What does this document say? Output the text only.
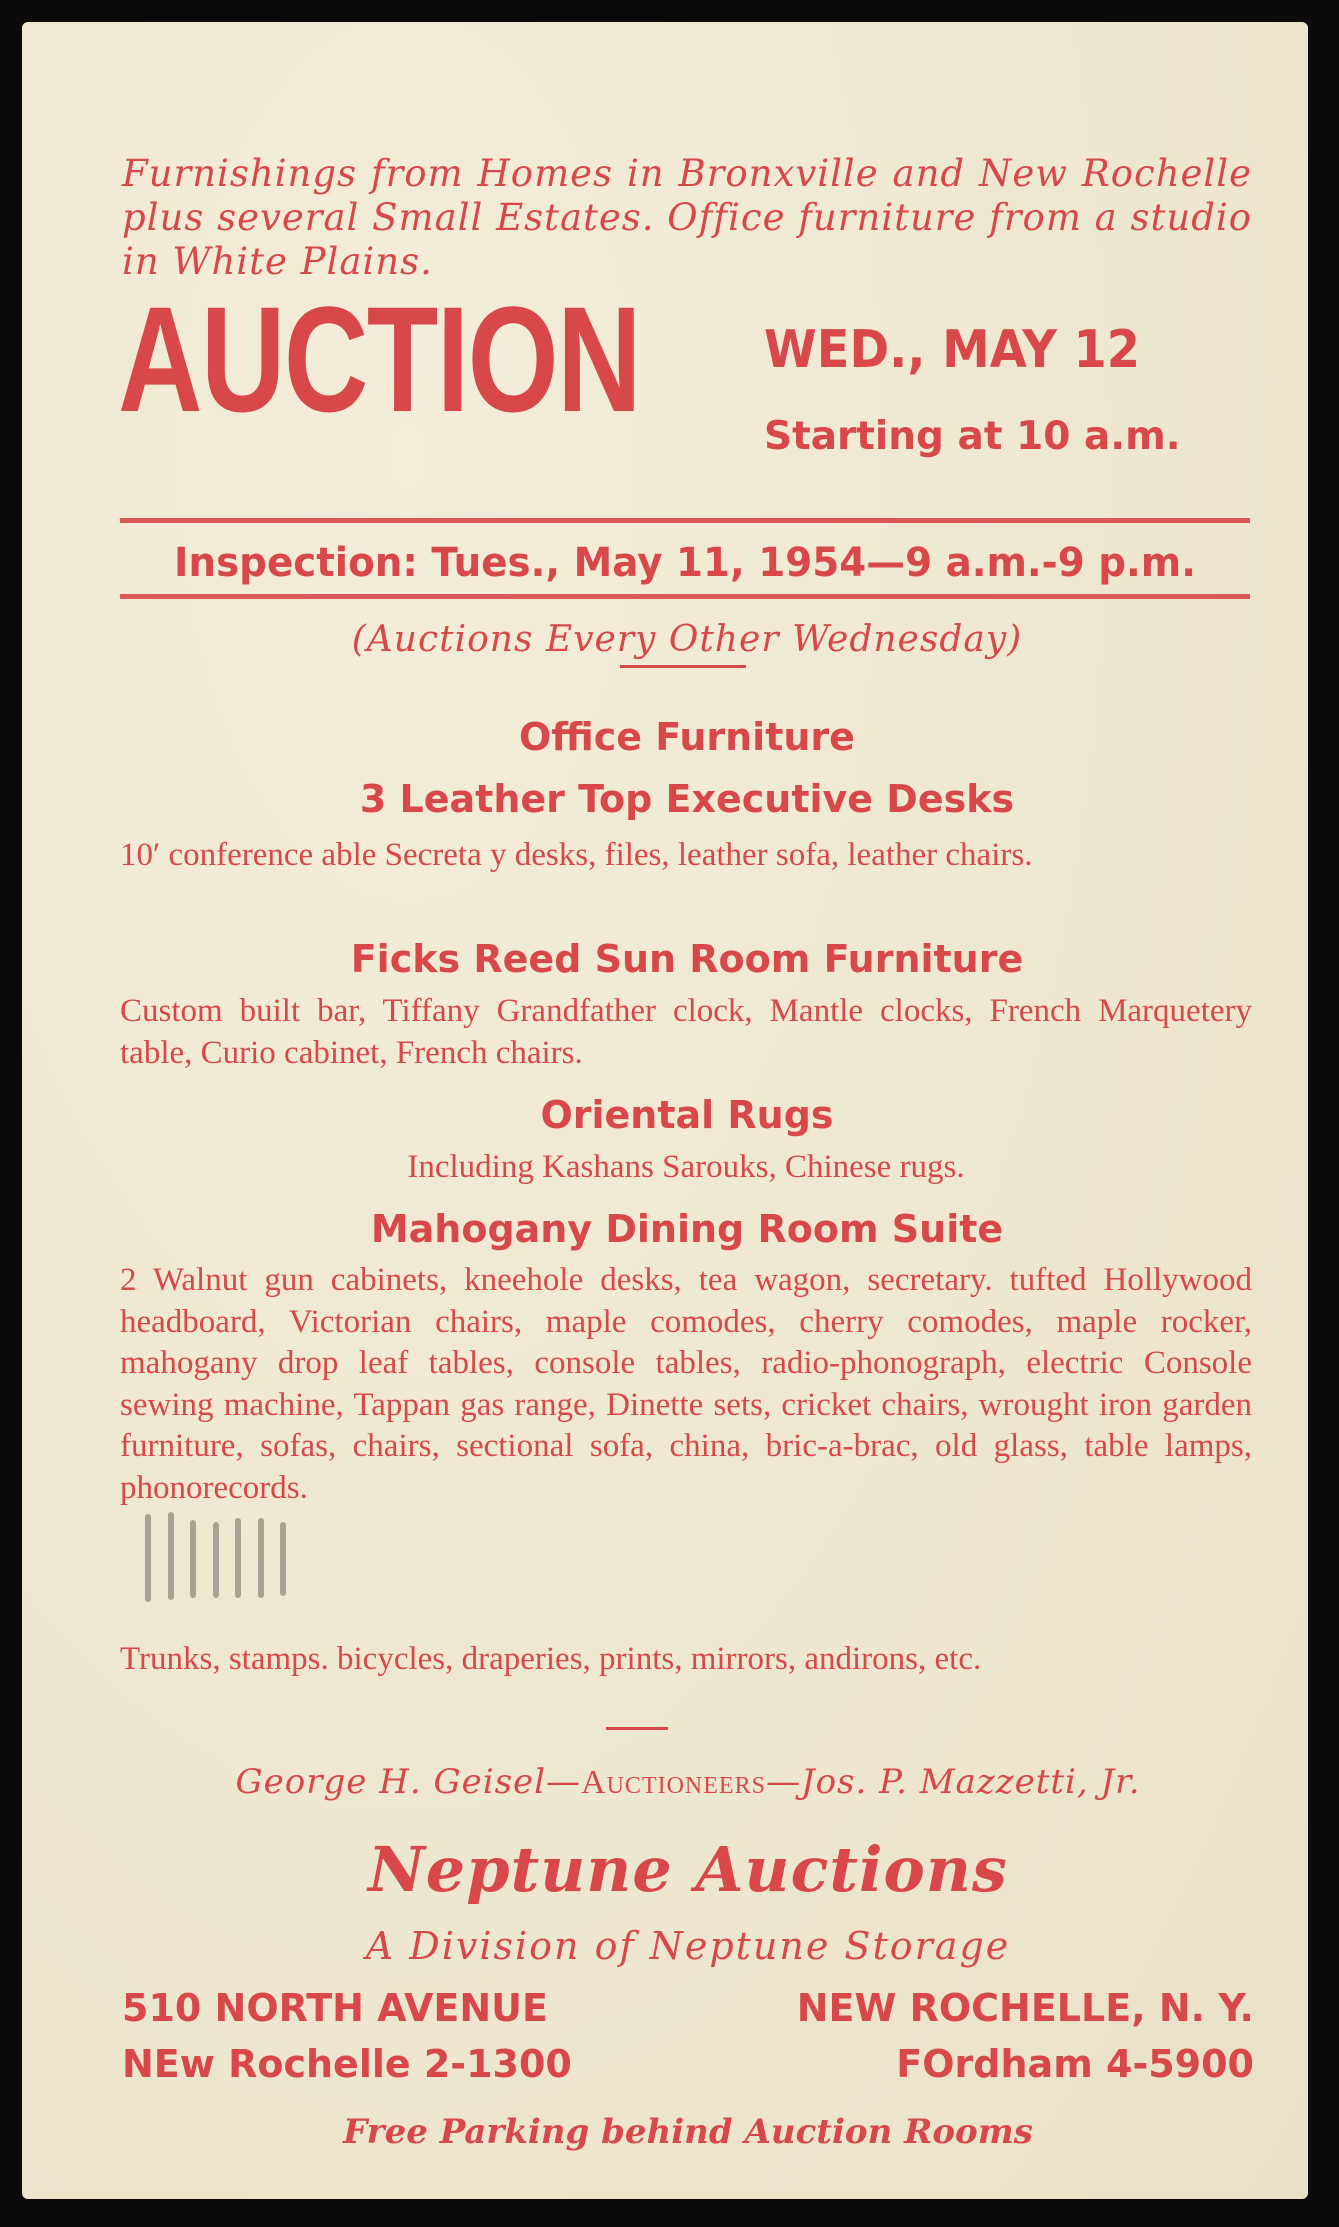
Furnishings from Homes in Bronxville and New Rochelle plus several Small Estates. Office furniture from a studio in White Plains.
AUCTION WED., MAY 12
Starting at 10 a.m.
Inspection: Tues., May 11, 1954—9 a.m.-9 p.m.
(Auctions Every Other Wednesday)
Office Furniture
3 Leather Top Executive Desks
10′ conference able Secreta y desks, files, leather sofa, leather chairs.
Ficks Reed Sun Room Furniture
Custom built bar, Tiffany Grandfather clock, Mantle clocks, French Marquetery table, Curio cabinet, French chairs.
Oriental Rugs
Including Kashans Sarouks, Chinese rugs.
Mahogany Dining Room Suite
2 Walnut gun cabinets, kneehole desks, tea wagon, secretary. tufted Hollywood headboard, Victorian chairs, maple comodes, cherry comodes, maple rocker, mahogany drop leaf tables, console tables, radio-phonograph, electric Console sewing machine, Tappan gas range, Dinette sets, cricket chairs, wrought iron garden furniture, sofas, chairs, sectional sofa, china, bric-a-brac, old glass, table lamps, phonorecords.
Trunks, stamps. bicycles, draperies, prints, mirrors, andirons, etc.
George H. Geisel—Auctioneers—Jos. P. Mazzetti, Jr.
Neptune Auctions
A Division of Neptune Storage
510 NORTH AVENUE	NEW ROCHELLE, N. Y.
NEw Rochelle 2-1300	FOrdham 4-5900
Free Parking behind Auction Rooms
